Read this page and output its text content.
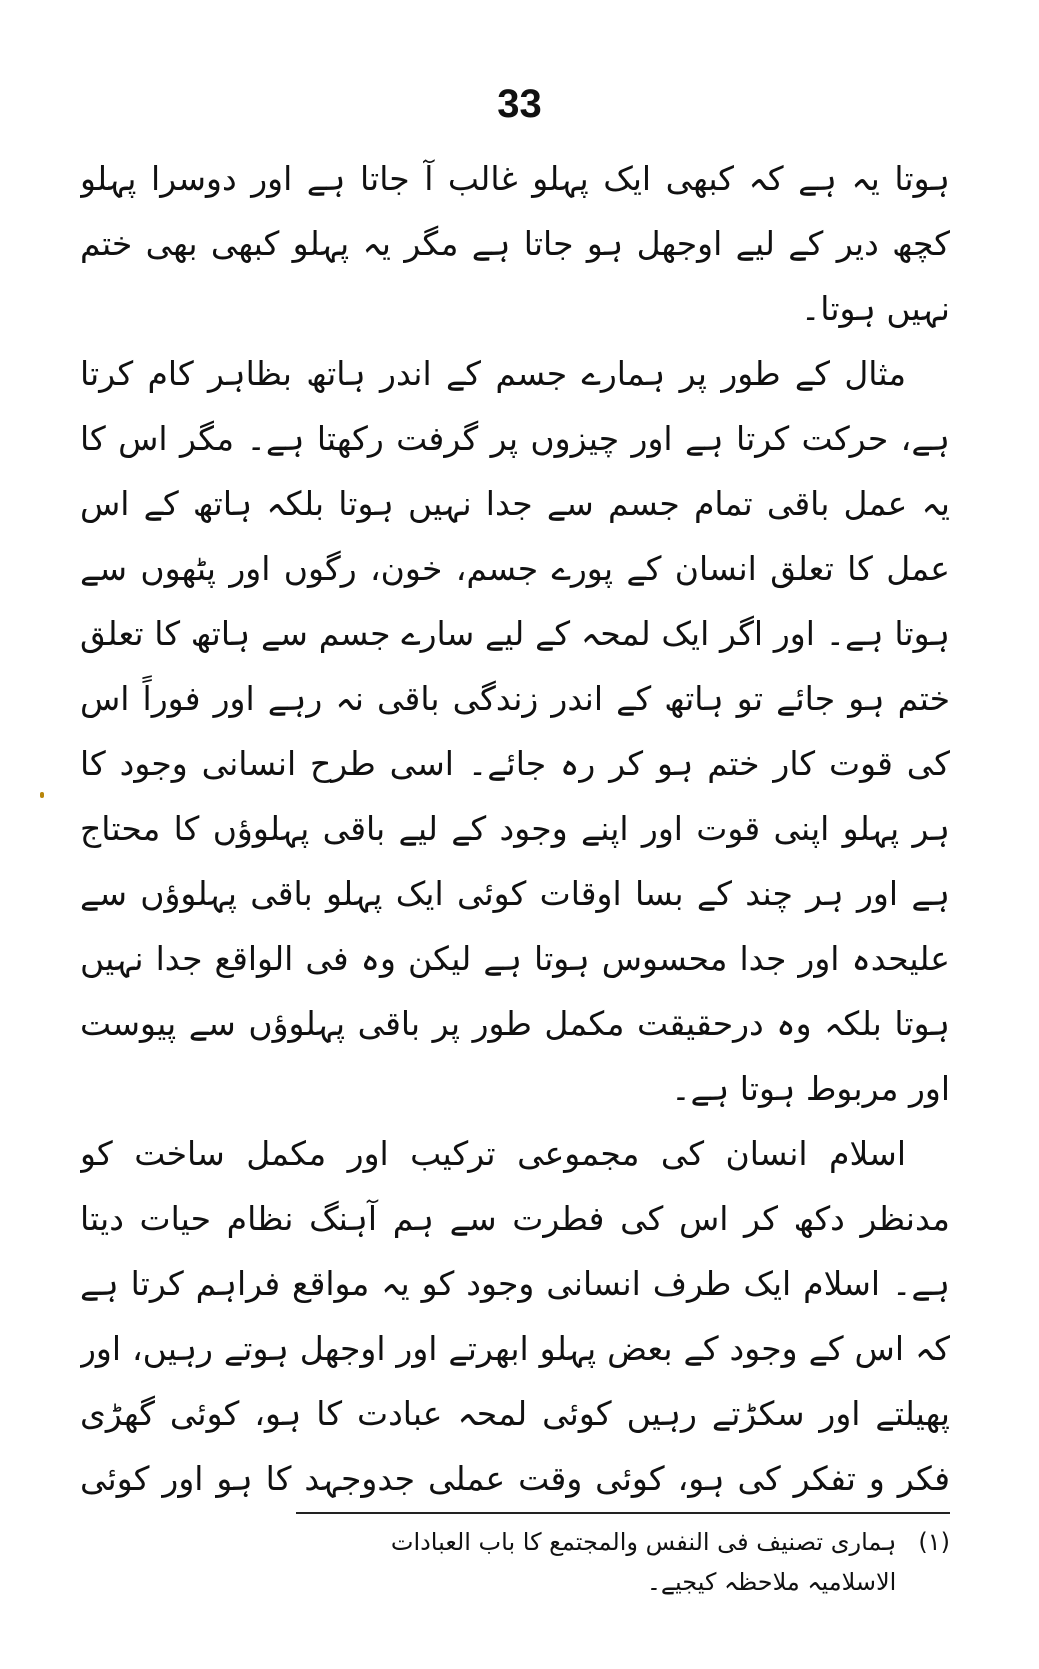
33

ہوتا یہ ہے کہ کبھی ایک پہلو غالب آ جاتا ہے اور دوسرا پہلو کچھ دیر کے لیے اوجھل ہو جاتا ہے مگر یہ پہلو کبھی بھی ختم نہیں ہوتا۔

مثال کے طور پر ہمارے جسم کے اندر ہاتھ بظاہر کام کرتا ہے، حرکت کرتا ہے اور چیزوں پر گرفت رکھتا ہے۔ مگر اس کا یہ عمل باقی تمام جسم سے جدا نہیں ہوتا بلکہ ہاتھ کے اس عمل کا تعلق انسان کے پورے جسم، خون، رگوں اور پٹھوں سے ہوتا ہے۔ اور اگر ایک لمحہ کے لیے سارے جسم سے ہاتھ کا تعلق ختم ہو جائے تو ہاتھ کے اندر زندگی باقی نہ رہے اور فوراً اس کی قوت کار ختم ہو کر رہ جائے۔ اسی طرح انسانی وجود کا ہر پہلو اپنی قوت اور اپنے وجود کے لیے باقی پہلوؤں کا محتاج ہے اور ہر چند کے بسا اوقات کوئی ایک پہلو باقی پہلوؤں سے علیحدہ اور جدا محسوس ہوتا ہے لیکن وہ فی الواقع جدا نہیں ہوتا بلکہ وہ درحقیقت مکمل طور پر باقی پہلوؤں سے پیوست اور مربوط ہوتا ہے۔

اسلام انسان کی مجموعی ترکیب اور مکمل ساخت کو مدنظر دکھ کر اس کی فطرت سے ہم آہنگ نظام حیات دیتا ہے۔ اسلام ایک طرف انسانی وجود کو یہ مواقع فراہم کرتا ہے کہ اس کے وجود کے بعض پہلو ابھرتے اور اوجھل ہوتے رہیں، اور پھیلتے اور سکڑتے رہیں کوئی لمحہ عبادت کا ہو، کوئی گھڑی فکر و تفکر کی ہو، کوئی وقت عملی جدوجہد کا ہو اور کوئی

(۱)
ہماری تصنیف فی النفس والمجتمع کا باب العبادات الاسلامیہ ملاحظہ کیجیے۔
